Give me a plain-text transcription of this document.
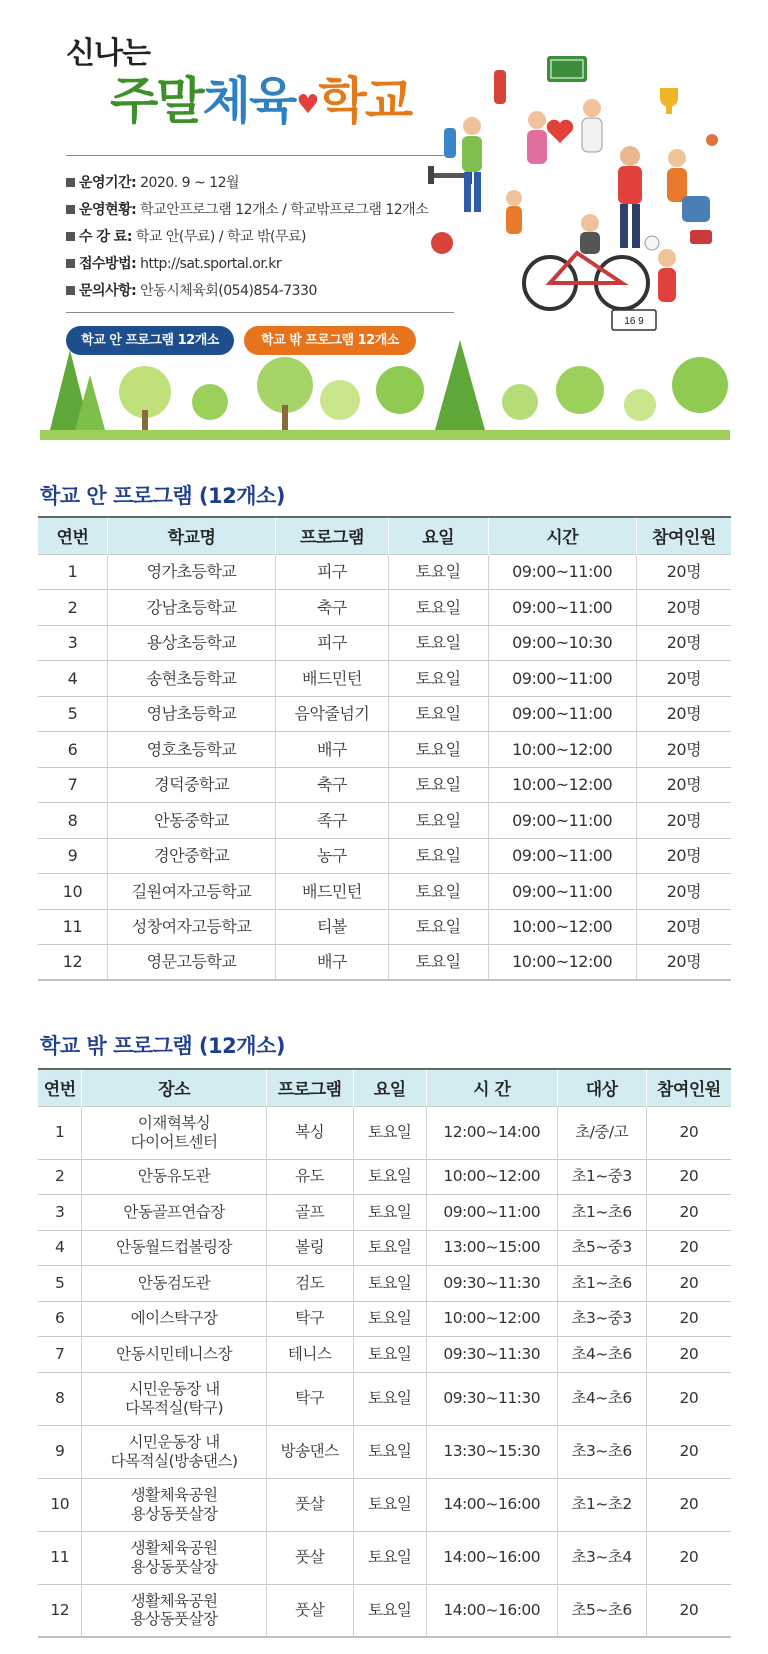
신나는
주말체육♥학교
운영기간: 2020. 9 ~ 12월
운영현황: 학교안프로그램 12개소 / 학교밖프로그램 12개소
수 강 료: 학교 안(무료) / 학교 밖(무료)
접수방법: http://sat.sportal.or.kr
문의사항: 안동시체육회(054)854-7330
학교 안 프로그램 12개소	학교 밖 프로그램 12개소
16 9
학교 안 프로그램 (12개소)
연번	학교명	프로그램	요일	시간	참여인원
1	영가초등학교	피구	토요일	09:00~11:00	20명
2	강남초등학교	축구	토요일	09:00~11:00	20명
3	용상초등학교	피구	토요일	09:00~10:30	20명
4	송현초등학교	배드민턴	토요일	09:00~11:00	20명
5	영남초등학교	음악줄넘기	토요일	09:00~11:00	20명
6	영호초등학교	배구	토요일	10:00~12:00	20명
7	경덕중학교	축구	토요일	10:00~12:00	20명
8	안동중학교	족구	토요일	09:00~11:00	20명
9	경안중학교	농구	토요일	09:00~11:00	20명
10	길원여자고등학교	배드민턴	토요일	09:00~11:00	20명
11	성창여자고등학교	티볼	토요일	10:00~12:00	20명
12	영문고등학교	배구	토요일	10:00~12:00	20명
학교 밖 프로그램 (12개소)
연번	장소	프로그램	요일	시 간	대상	참여인원
1	이재혁복싱
다이어트센터	복싱	토요일	12:00~14:00	초/중/고	20
2	안동유도관	유도	토요일	10:00~12:00	초1~중3	20
3	안동골프연습장	골프	토요일	09:00~11:00	초1~초6	20
4	안동월드컵볼링장	볼링	토요일	13:00~15:00	초5~중3	20
5	안동검도관	검도	토요일	09:30~11:30	초1~초6	20
6	에이스탁구장	탁구	토요일	10:00~12:00	초3~중3	20
7	안동시민테니스장	테니스	토요일	09:30~11:30	초4~초6	20
8	시민운동장 내
다목적실(탁구)	탁구	토요일	09:30~11:30	초4~초6	20
9	시민운동장 내
다목적실(방송댄스)	방송댄스	토요일	13:30~15:30	초3~초6	20
10	생활체육공원
용상동풋살장	풋살	토요일	14:00~16:00	초1~초2	20
11	생활체육공원
용상동풋살장	풋살	토요일	14:00~16:00	초3~초4	20
12	생활체육공원
용상동풋살장	풋살	토요일	14:00~16:00	초5~초6	20
